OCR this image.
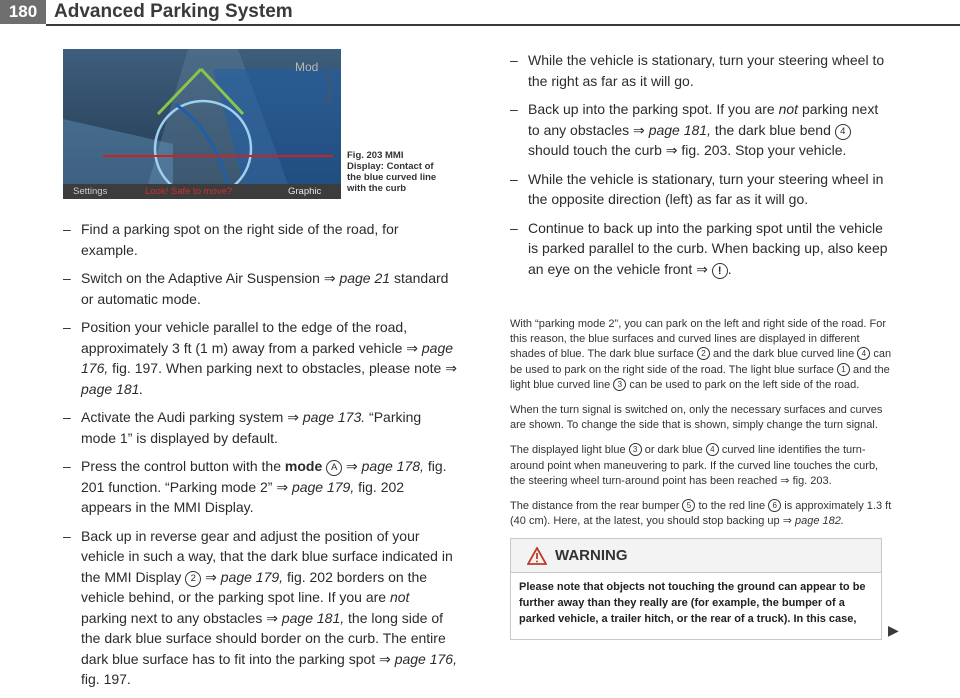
180 Advanced Parking System
Mod
Settings	Look! Safe to move?	Graphic
B8K-1231
Fig. 203 MMI Display: Contact of the blue curved line with the curb
– Find a parking spot on the right side of the road, for example.
– Switch on the Adaptive Air Suspension ⇒ page 21 standard or automatic mode.
– Position your vehicle parallel to the edge of the road, approximately 3 ft (1 m) away from a parked vehicle ⇒ page 176, fig. 197. When parking next to obstacles, please note ⇒ page 181.
– Activate the Audi parking system ⇒ page 173. “Parking mode 1” is displayed by default.
– Press the control button with the mode A ⇒ page 178, fig. 201 function. “Parking mode 2” ⇒ page 179, fig. 202 appears in the MMI Display.
– Back up in reverse gear and adjust the position of your vehicle in such a way, that the dark blue surface indicated in the MMI Display 2 ⇒ page 179, fig. 202 borders on the vehicle behind, or the parking spot line. If you are not parking next to any obstacles ⇒ page 181, the long side of the dark blue surface should border on the curb. The entire dark blue surface has to fit into the parking spot ⇒ page 176, fig. 197.
– While the vehicle is stationary, turn your steering wheel to the right as far as it will go.
– Back up into the parking spot. If you are not parking next to any obstacles ⇒ page 181, the dark blue bend 4 should touch the curb ⇒ fig. 203. Stop your vehicle.
– While the vehicle is stationary, turn your steering wheel in the opposite direction (left) as far as it will go.
– Continue to back up into the parking spot until the vehicle is parked parallel to the curb. When backing up, also keep an eye on the vehicle front ⇒ ! .

With “parking mode 2”, you can park on the left and right side of the road. For this reason, the blue surfaces and curved lines are displayed in different shades of blue. The dark blue surface 2 and the dark blue curved line 4 can be used to park on the right side of the road. The light blue surface 1 and the light blue curved line 3 can be used to park on the left side of the road.

When the turn signal is switched on, only the necessary surfaces and curves are shown. To change the side that is shown, simply change the turn signal.

The displayed light blue 3 or dark blue 4 curved line identifies the turn-around point when maneuvering to park. If the curved line touches the curb, the steering wheel turn-around point has been reached ⇒ fig. 203.

The distance from the rear bumper 5 to the red line 6 is approximately 1.3 ft (40 cm). Here, at the latest, you should stop backing up ⇒ page 182.

WARNING
Please note that objects not touching the ground can appear to be further away than they really are (for example, the bumper of a parked vehicle, a trailer hitch, or the rear of a truck). In this case,
▶
